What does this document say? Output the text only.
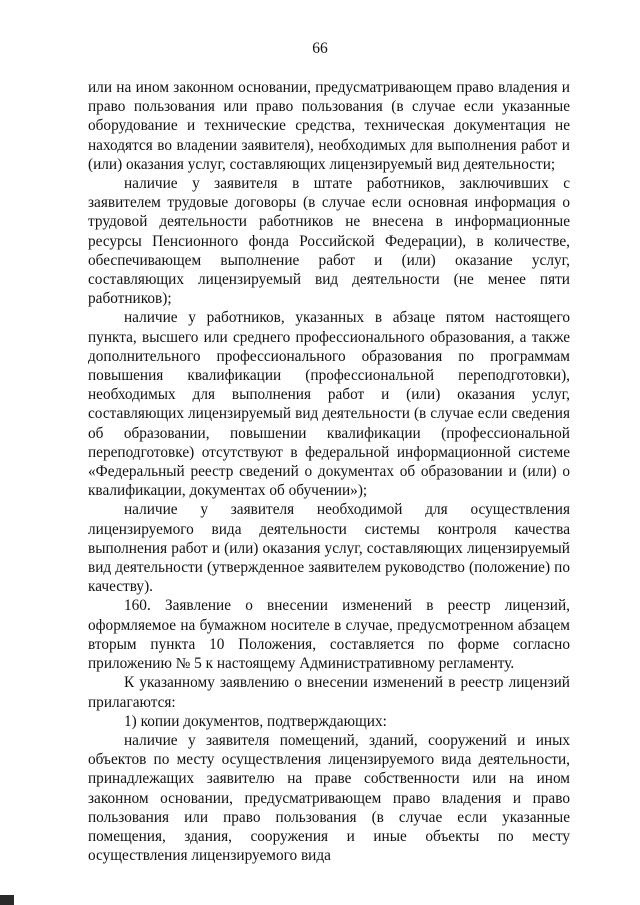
66

или на ином законном основании, предусматривающем право владения и право пользования или право пользования (в случае если указанные оборудование и технические средства, техническая документация не находятся во владении заявителя), необходимых для выполнения работ и (или) оказания услуг, составляющих лицензируемый вид деятельности;

наличие у заявителя в штате работников, заключивших с заявителем трудовые договоры (в случае если основная информация о трудовой деятельности работников не внесена в информационные ресурсы Пенсионного фонда Российской Федерации), в количестве, обеспечивающем выполнение работ и (или) оказание услуг, составляющих лицензируемый вид деятельности (не менее пяти работников);

наличие у работников, указанных в абзаце пятом настоящего пункта, высшего или среднего профессионального образования, а также дополнительного профессионального образования по программам повышения квалификации (профессиональной переподготовки), необходимых для выполнения работ и (или) оказания услуг, составляющих лицензируемый вид деятельности (в случае если сведения об образовании, повышении квалификации (профессиональной переподготовке) отсутствуют в федеральной информационной системе «Федеральный реестр сведений о документах об образовании и (или) о квалификации, документах об обучении»);

наличие у заявителя необходимой для осуществления лицензируемого вида деятельности системы контроля качества выполнения работ и (или) оказания услуг, составляющих лицензируемый вид деятельности (утвержденное заявителем руководство (положение) по качеству).

160. Заявление о внесении изменений в реестр лицензий, оформляемое на бумажном носителе в случае, предусмотренном абзацем вторым пункта 10 Положения, составляется по форме согласно приложению № 5 к настоящему Административному регламенту.

К указанному заявлению о внесении изменений в реестр лицензий прилагаются:

1) копии документов, подтверждающих:

наличие у заявителя помещений, зданий, сооружений и иных объектов по месту осуществления лицензируемого вида деятельности, принадлежащих заявителю на праве собственности или на ином законном основании, предусматривающем право владения и право пользования или право пользования (в случае если указанные помещения, здания, сооружения и иные объекты по месту осуществления лицензируемого вида
